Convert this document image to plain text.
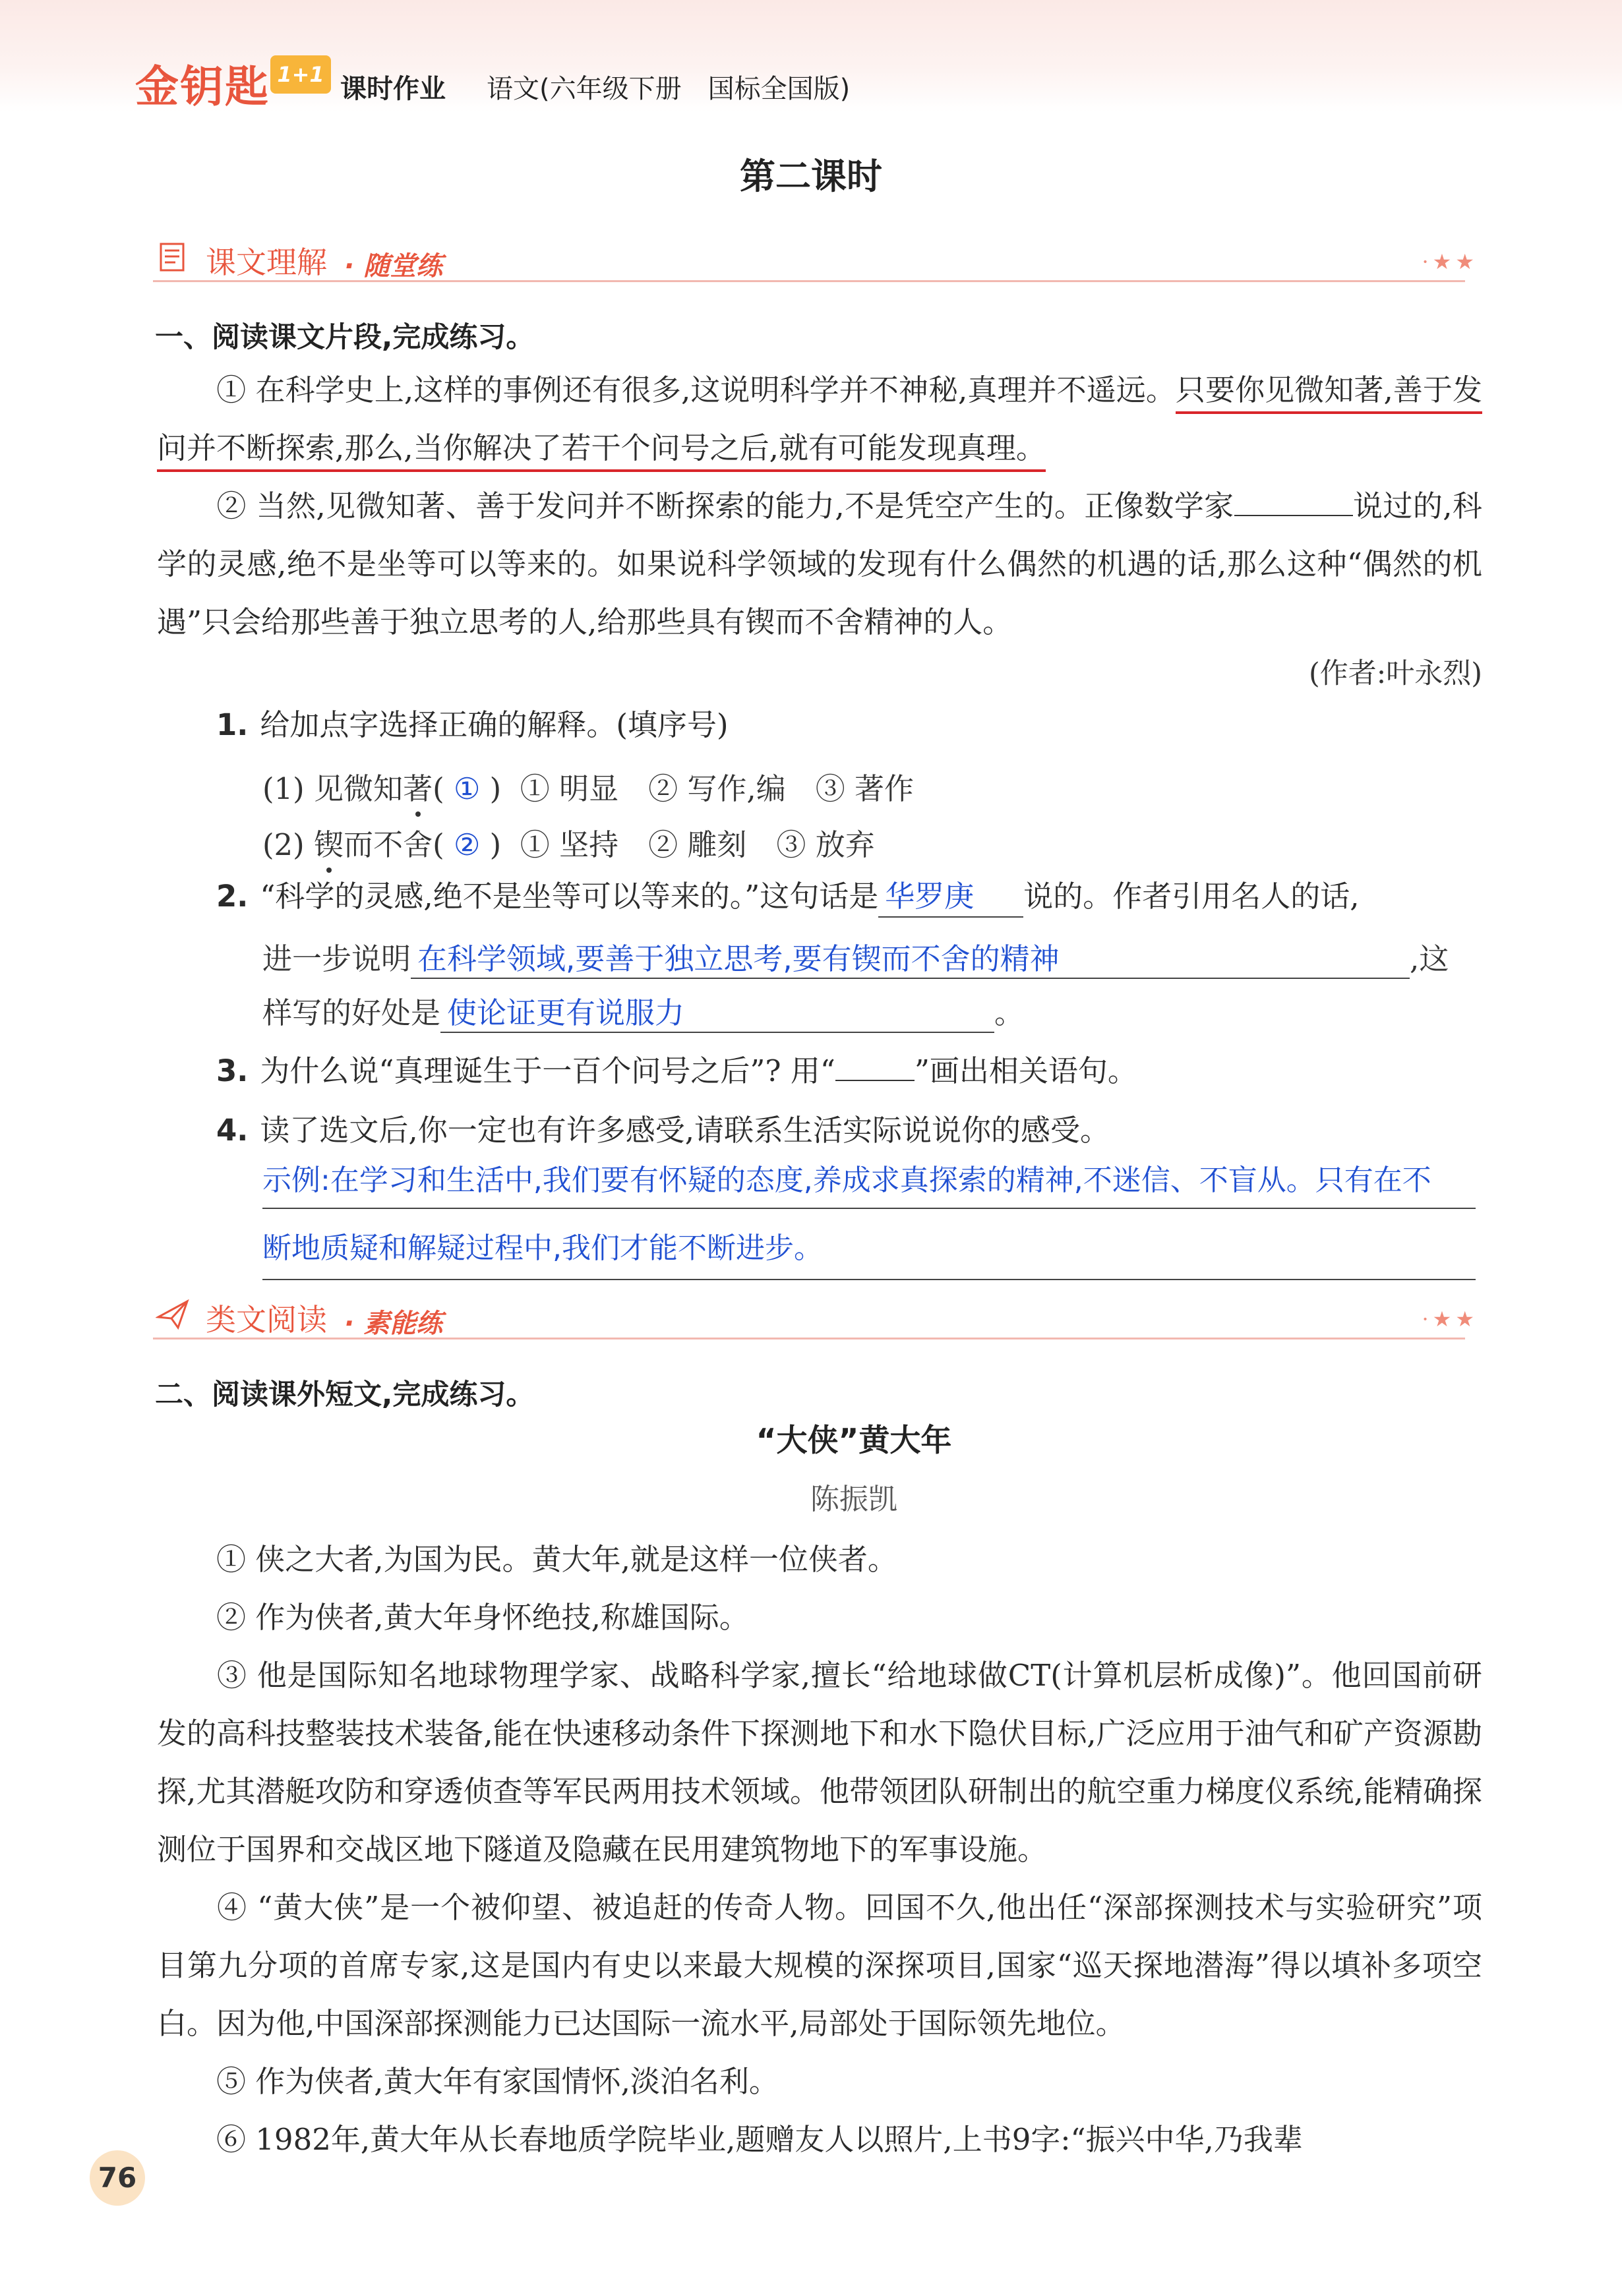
金钥匙 1+1 课时作业 语文(六年级下册　国标全国版)
第二课时
课文理解 · 随堂练	·★★
一、阅读课文片段,完成练习。
① 在科学史上,这样的事例还有很多,这说明科学并不神秘,真理并不遥远。只要你见微知著,善于发问并不断探索,那么,当你解决了若干个问号之后,就有可能发现真理。
② 当然,见微知著、善于发问并不断探索的能力,不是凭空产生的。正像数学家	说过的,科学的灵感,绝不是坐等可以等来的。如果说科学领域的发现有什么偶然的机遇的话,那么这种“偶然的机遇”只会给那些善于独立思考的人,给那些具有锲而不舍精神的人。
(作者:叶永烈)
1. 给加点字选择正确的解释。(填序号)
(1) 见微知著( ① ) ① 明显　② 写作,编　③ 著作
(2) 锲而不舍( ② ) ① 坚持　② 雕刻　③ 放弃
2. “科学的灵感,绝不是坐等可以等来的。”这句话是 华罗庚 说的。作者引用名人的话,
进一步说明 在科学领域,要善于独立思考,要有锲而不舍的精神	,这
样写的好处是 使论证更有说服力	。
3. 为什么说“真理诞生于一百个问号之后”? 用“	”画出相关语句。
4. 读了选文后,你一定也有许多感受,请联系生活实际说说你的感受。
示例:在学习和生活中,我们要有怀疑的态度,养成求真探索的精神,不迷信、不盲从。只有在不
断地质疑和解疑过程中,我们才能不断进步。
类文阅读 · 素能练	·★★
二、阅读课外短文,完成练习。
“大侠”黄大年
陈振凯
① 侠之大者,为国为民。黄大年,就是这样一位侠者。
② 作为侠者,黄大年身怀绝技,称雄国际。
③ 他是国际知名地球物理学家、战略科学家,擅长“给地球做CT(计算机层析成像)”。他回国前研发的高科技整装技术装备,能在快速移动条件下探测地下和水下隐伏目标,广泛应用于油气和矿产资源勘探,尤其潜艇攻防和穿透侦查等军民两用技术领域。他带领团队研制出的航空重力梯度仪系统,能精确探测位于国界和交战区地下隧道及隐藏在民用建筑物地下的军事设施。
④ “黄大侠”是一个被仰望、被追赶的传奇人物。回国不久,他出任“深部探测技术与实验研究”项目第九分项的首席专家,这是国内有史以来最大规模的深探项目,国家“巡天探地潜海”得以填补多项空白。因为他,中国深部探测能力已达国际一流水平,局部处于国际领先地位。
⑤ 作为侠者,黄大年有家国情怀,淡泊名利。
⑥ 1982年,黄大年从长春地质学院毕业,题赠友人以照片,上书9字:“振兴中华,乃我辈
76
